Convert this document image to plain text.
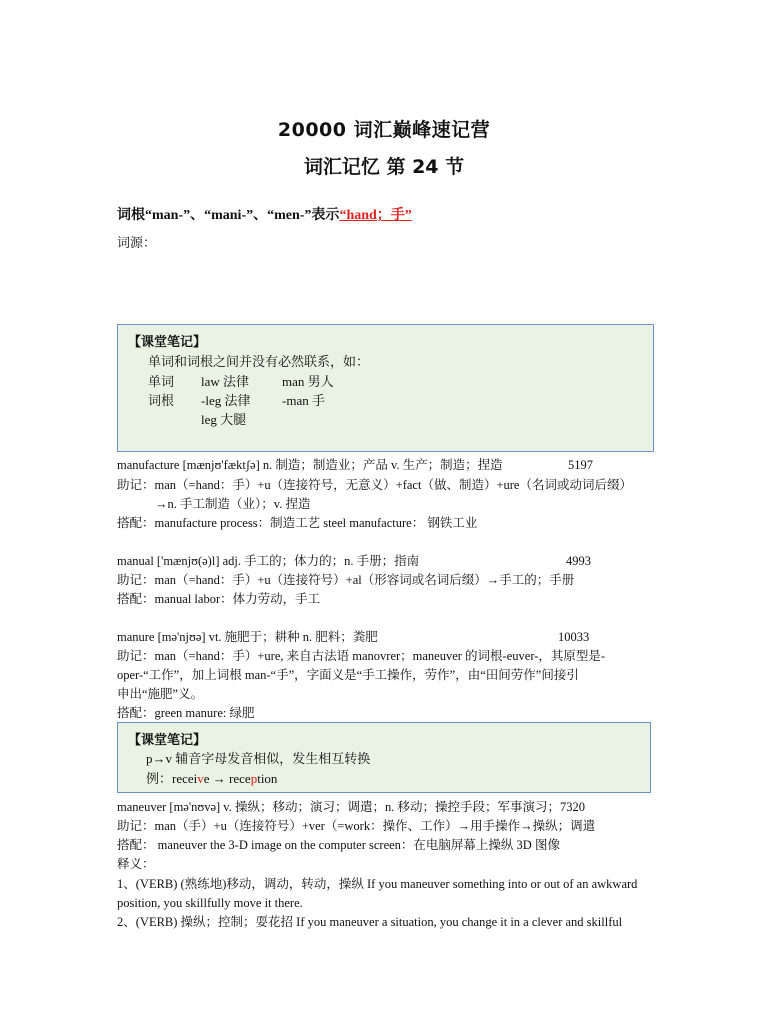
20000 词汇巅峰速记营
词汇记忆 第 24 节
词根“man-”、“mani-”、“men-”表示“hand；手”
词源：
【课堂笔记】
单词和词根之间并没有必然联系，如：
单词 law 法律	man 男人
词根 -leg 法律 -man 手
leg 大腿
manufacture [mænjʊ'fæktʃə] n. 制造；制造业；产品 v. 生产；制造；捏造	5197
助记：man（=hand：手）+u（连接符号，无意义）+fact（做、制造）+ure（名词或动词后缀）
→n. 手工制造（业）；v. 捏造
搭配：manufacture process：制造工艺 steel manufacture： 钢铁工业
manual ['mænjʊ(ə)l] adj. 手工的；体力的；n. 手册；指南	4993
助记：man（=hand：手）+u（连接符号）+al（形容词或名词后缀）→手工的；手册
搭配：manual labor：体力劳动，手工
manure [mə'njʊə] vt. 施肥于；耕种 n. 肥料；粪肥	10033
助记：man（=hand：手）+ure, 来自古法语 manovrer；maneuver 的词根-euver-，其原型是-
oper-“工作”，加上词根 man-“手”，字面义是“手工操作，劳作”，由“田间劳作”间接引
申出“施肥”义。
搭配：green manure: 绿肥
【课堂笔记】
p→v 辅音字母发音相似，发生相互转换
例：receive → reception
maneuver [mə'nʊvə] v. 操纵；移动；演习；调遣；n. 移动；操控手段；军事演习；7320
助记：man（手）+u（连接符号）+ver（=work：操作、工作）→用手操作→操纵；调遣
搭配： maneuver the 3-D image on the computer screen：在电脑屏幕上操纵 3D 图像
释义：
1、(VERB) (熟练地)移动，调动，转动，操纵 If you maneuver something into or out of an awkward
position, you skillfully move it there.
2、(VERB) 操纵；控制；耍花招 If you maneuver a situation, you change it in a clever and skillful
